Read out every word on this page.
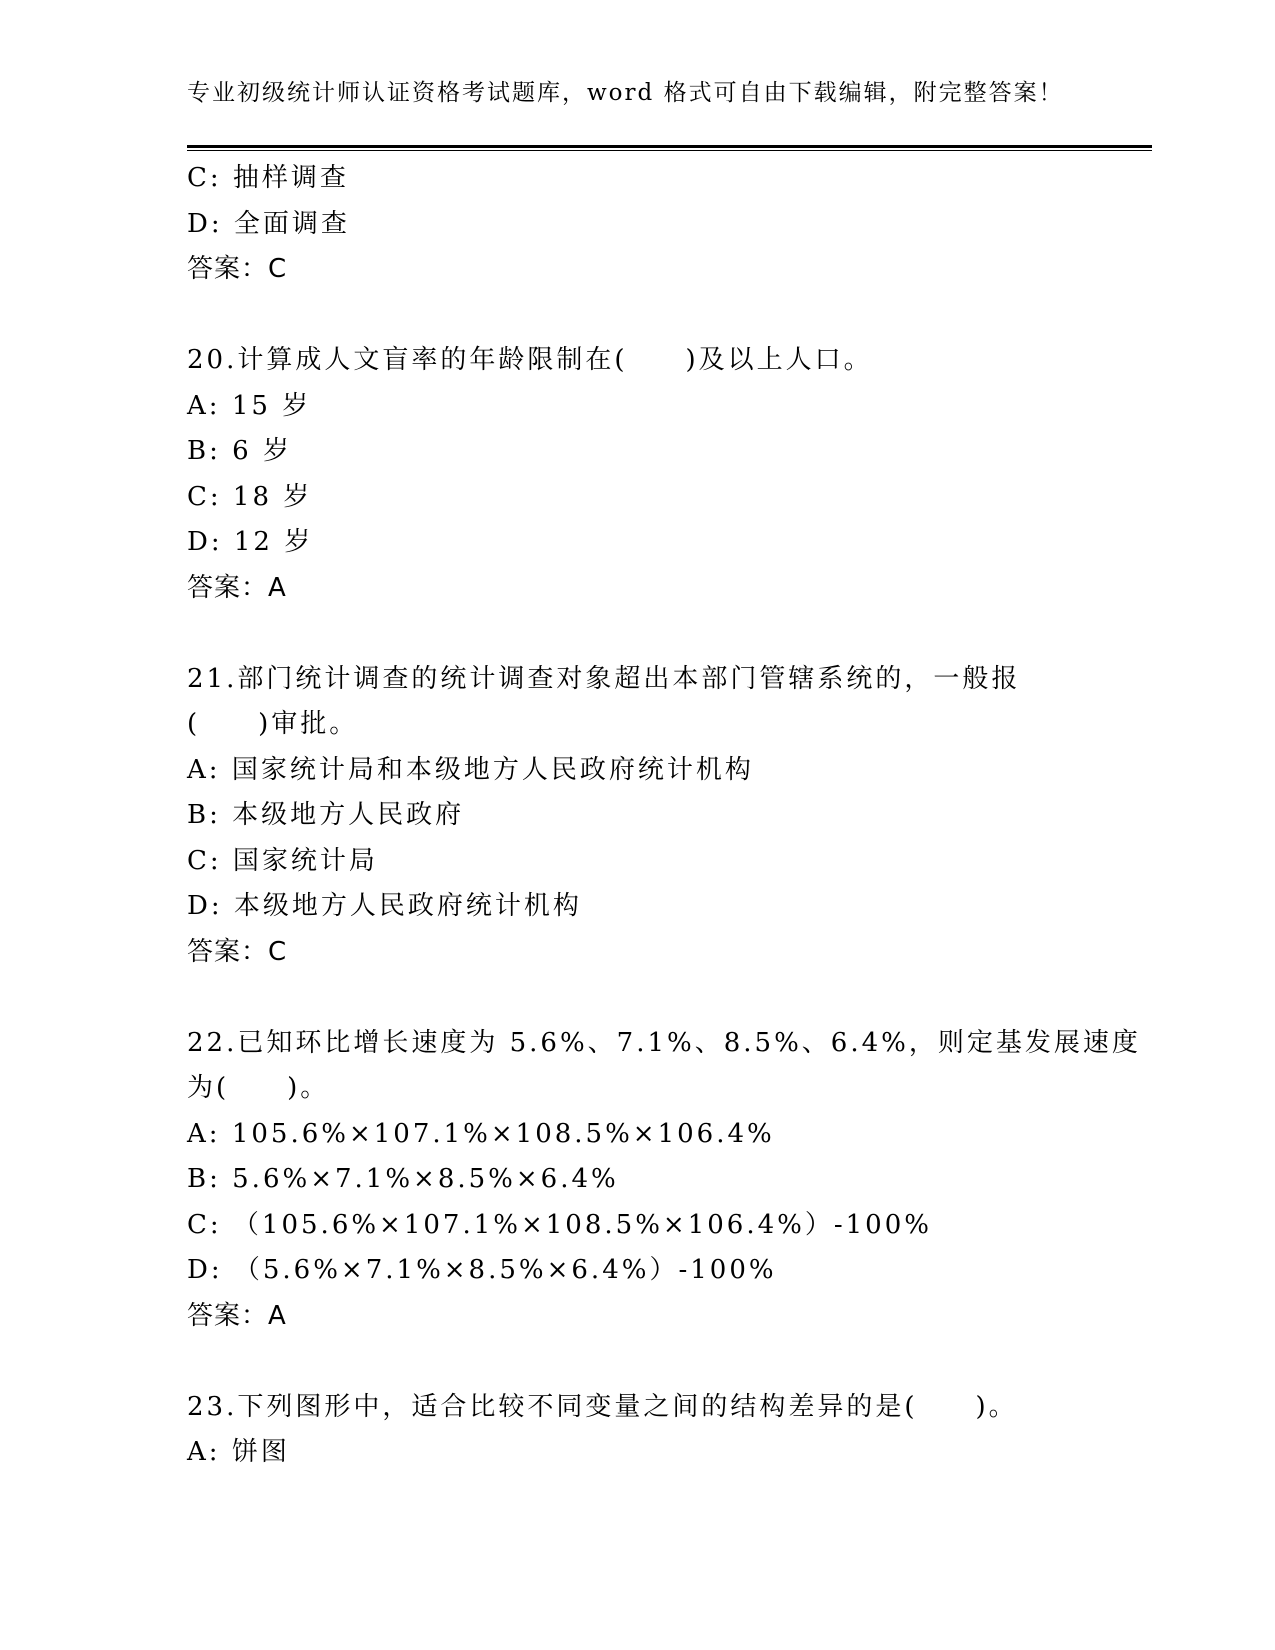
专业初级统计师认证资格考试题库，word 格式可自由下载编辑，附完整答案！
C: 抽样调查
D: 全面调查
答案：C
20.计算成人文盲率的年龄限制在(　　)及以上人口。
A: 15 岁
B: 6 岁
C: 18 岁
D: 12 岁
答案：A
21.部门统计调查的统计调查对象超出本部门管辖系统的，一般报
(　　)审批。
A: 国家统计局和本级地方人民政府统计机构
B: 本级地方人民政府
C: 国家统计局
D: 本级地方人民政府统计机构
答案：C
22.已知环比增长速度为 5.6%、7.1%、8.5%、6.4%，则定基发展速度
为(　　)。
A: 105.6%×107.1%×108.5%×106.4%
B: 5.6%×7.1%×8.5%×6.4%
C: （105.6%×107.1%×108.5%×106.4%）-100%
D: （5.6%×7.1%×8.5%×6.4%）-100%
答案：A
23.下列图形中，适合比较不同变量之间的结构差异的是(　　)。
A: 饼图
